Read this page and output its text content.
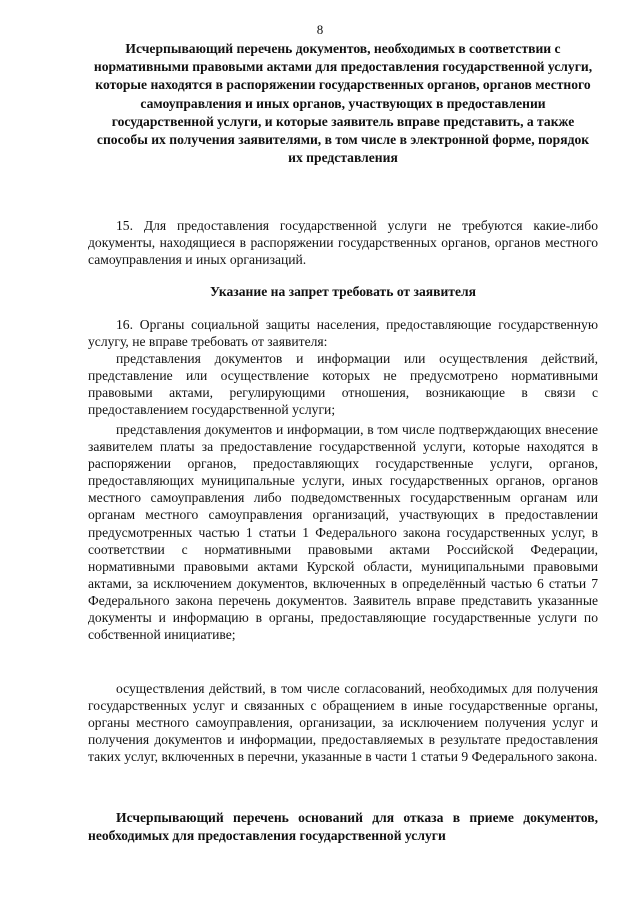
8
Исчерпывающий перечень документов, необходимых в соответствии с нормативными правовыми актами для предоставления государственной услуги, которые находятся в распоряжении государственных органов, органов местного самоуправления и иных органов, участвующих в предоставлении государственной услуги, и которые заявитель вправе представить, а также способы их получения заявителями, в том числе в электронной форме, порядок их представления

15. Для предоставления государственной услуги не требуются какие-либо документы, находящиеся в распоряжении государственных органов, органов местного самоуправления и иных организаций.

Указание на запрет требовать от заявителя

16. Органы социальной защиты населения, предоставляющие государственную услугу, не вправе требовать от заявителя:

представления документов и информации или осуществления действий, представление или осуществление которых не предусмотрено нормативными правовыми актами, регулирующими отношения, возникающие в связи с предоставлением государственной услуги;

представления документов и информации, в том числе подтверждающих внесение заявителем платы за предоставление государственной услуги, которые находятся в распоряжении органов, предоставляющих государственные услуги, органов, предоставляющих муниципальные услуги, иных государственных органов, органов местного самоуправления либо подведомственных государственным органам или органам местного самоуправления организаций, участвующих в предоставлении предусмотренных частью 1 статьи 1 Федерального закона государственных услуг, в соответствии с нормативными правовыми актами Российской Федерации, нормативными правовыми актами Курской области, муниципальными правовыми актами, за исключением документов, включенных в определённый частью 6 статьи 7 Федерального закона перечень документов. Заявитель вправе представить указанные документы и информацию в органы, предоставляющие государственные услуги по собственной инициативе;

осуществления действий, в том числе согласований, необходимых для получения государственных услуг и связанных с обращением в иные государственные органы, органы местного самоуправления, организации, за исключением получения услуг и получения документов и информации, предоставляемых в результате предоставления таких услуг, включенных в перечни, указанные в части 1 статьи 9 Федерального закона.

Исчерпывающий перечень оснований для отказа в приеме документов, необходимых для предоставления государственной услуги
